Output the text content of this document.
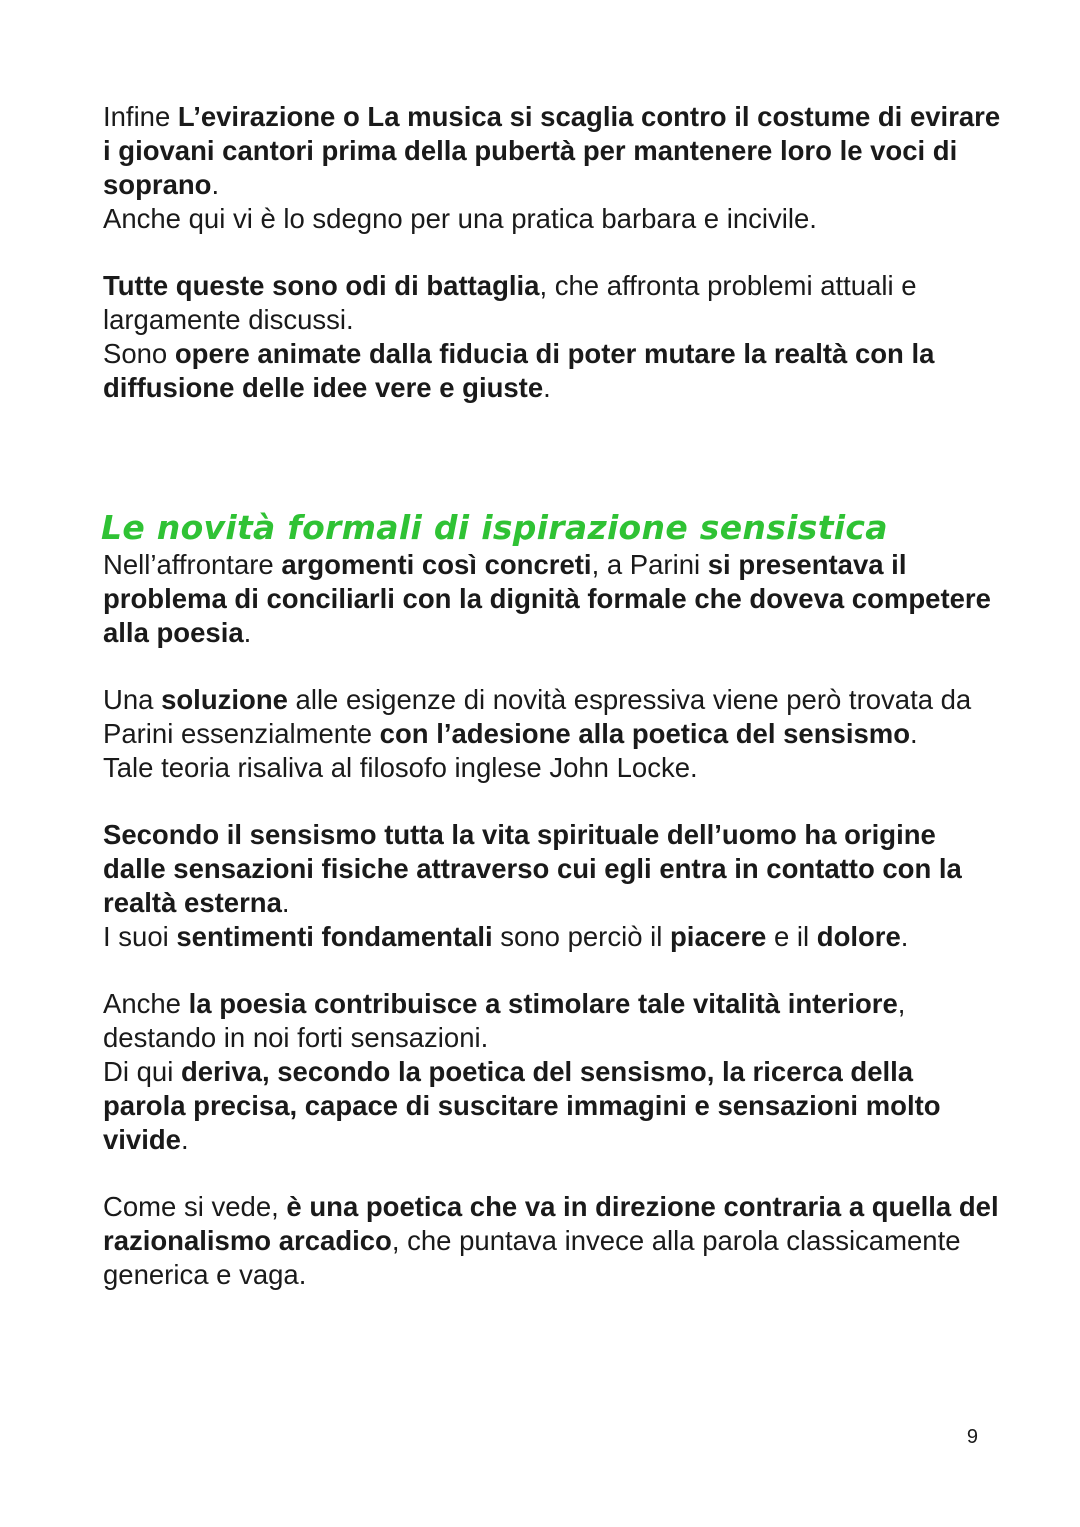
Infine L’evirazione o La musica si scaglia contro il costume di evirare i giovani cantori prima della pubertà per mantenere loro le voci di soprano.

Anche qui vi è lo sdegno per una pratica barbara e incivile.

Tutte queste sono odi di battaglia, che affronta problemi attuali e largamente discussi.

Sono opere animate dalla fiducia di poter mutare la realtà con la diffusione delle idee vere e giuste.

Le novità formali di ispirazione sensistica

Nell’affrontare argomenti così concreti, a Parini si presentava il problema di conciliarli con la dignità formale che doveva competere alla poesia.

Una soluzione alle esigenze di novità espressiva viene però trovata da Parini essenzialmente con l’adesione alla poetica del sensismo.

Tale teoria risaliva al filosofo inglese John Locke.

Secondo il sensismo tutta la vita spirituale dell’uomo ha origine dalle sensazioni fisiche attraverso cui egli entra in contatto con la realtà esterna.

I suoi sentimenti fondamentali sono perciò il piacere e il dolore.

Anche la poesia contribuisce a stimolare tale vitalità interiore, destando in noi forti sensazioni.

Di qui deriva, secondo la poetica del sensismo, la ricerca della parola precisa, capace di suscitare immagini e sensazioni molto vivide.

Come si vede, è una poetica che va in direzione contraria a quella del razionalismo arcadico, che puntava invece alla parola classicamente generica e vaga.

9
